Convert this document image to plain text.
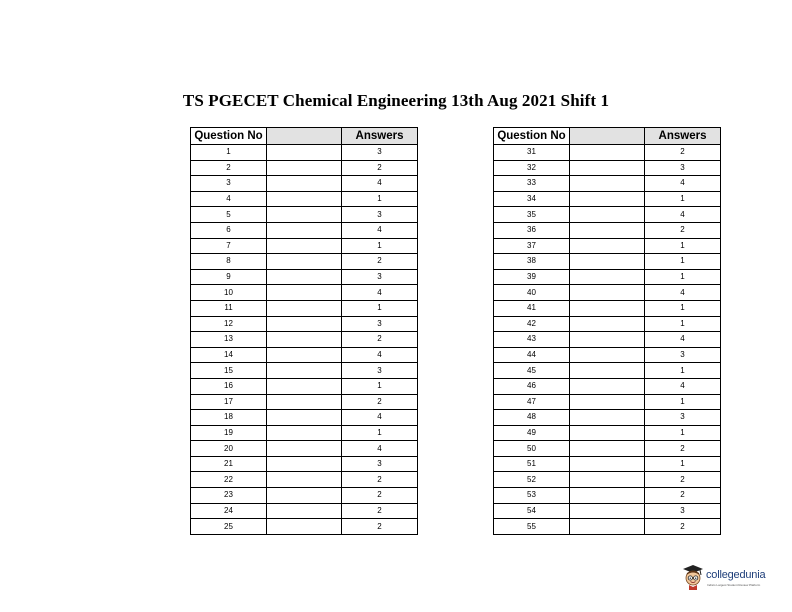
TS PGECET Chemical Engineering 13th Aug 2021 Shift 1
Question No		Answers
1		3
2		2
3		4
4		1
5		3
6		4
7		1
8		2
9		3
10		4
11		1
12		3
13		2
14		4
15		3
16		1
17		2
18		4
19		1
20		4
21		3
22		2
23		2
24		2
25		2
Question No		Answers
31		2
32		3
33		4
34		1
35		4
36		2
37		1
38		1
39		1
40		4
41		1
42		1
43		4
44		3
45		1
46		4
47		1
48		3
49		1
50		2
51		1
52		2
53		2
54		3
55		2
collegedunia
India's Largest Student Review Platform
